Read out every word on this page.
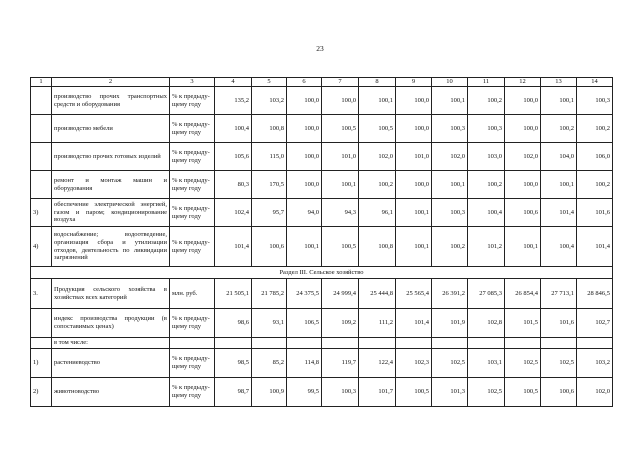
23
1	2	3	4	5	6	7	8	9	10	11	12	13	14
	производство прочих транспортных средств и оборудования	% к предыду-щему году	135,2	103,2	100,0	100,0	100,1	100,0	100,1	100,2	100,0	100,1	100,3
	производство мебели	% к предыду-щему году	100,4	100,8	100,0	100,5	100,5	100,0	100,3	100,3	100,0	100,2	100,2
	производство прочих готовых изделий	% к предыду-щему году	105,6	115,0	100,0	101,0	102,0	101,0	102,0	103,0	102,0	104,0	106,0
	ремонт и монтаж машин и оборудования	% к предыду-щему году	80,3	170,5	100,0	100,1	100,2	100,0	100,1	100,2	100,0	100,1	100,2
3)	обеспечение электрической энергией, газом и паром; кондиционирование воздуха	% к предыду-щему году	102,4	95,7	94,0	94,3	96,1	100,1	100,3	100,4	100,6	101,4	101,6
4)	водоснабжение; водоотведение, организация сбора и утилизации отходов, деятельность по ликвидации загрязнений	% к предыду-щему году	101,4	100,6	100,1	100,5	100,8	100,1	100,2	101,2	100,1	100,4	101,4
Раздел III. Сельское хозяйство													
3.	Продукция сельского хозяйства в хозяйствах всех категорий	млн. руб.	21 505,1	21 785,2	24 375,5	24 999,4	25 444,8	25 565,4	26 391,2	27 085,3	26 854,4	27 713,1	28 846,5
	индекс производства продукции (в сопоставимых ценах)	% к предыду-щему году	98,6	93,1	106,5	109,2	111,2	101,4	101,9	102,8	101,5	101,6	102,7
	в том числе:												
1)	растениеводство	% к предыду-щему году	98,5	85,2	114,8	119,7	122,4	102,3	102,5	103,1	102,5	102,5	103,2
2)	животноводство	% к предыду-щему году	98,7	100,9	99,5	100,3	101,7	100,5	101,3	102,5	100,5	100,6	102,0
